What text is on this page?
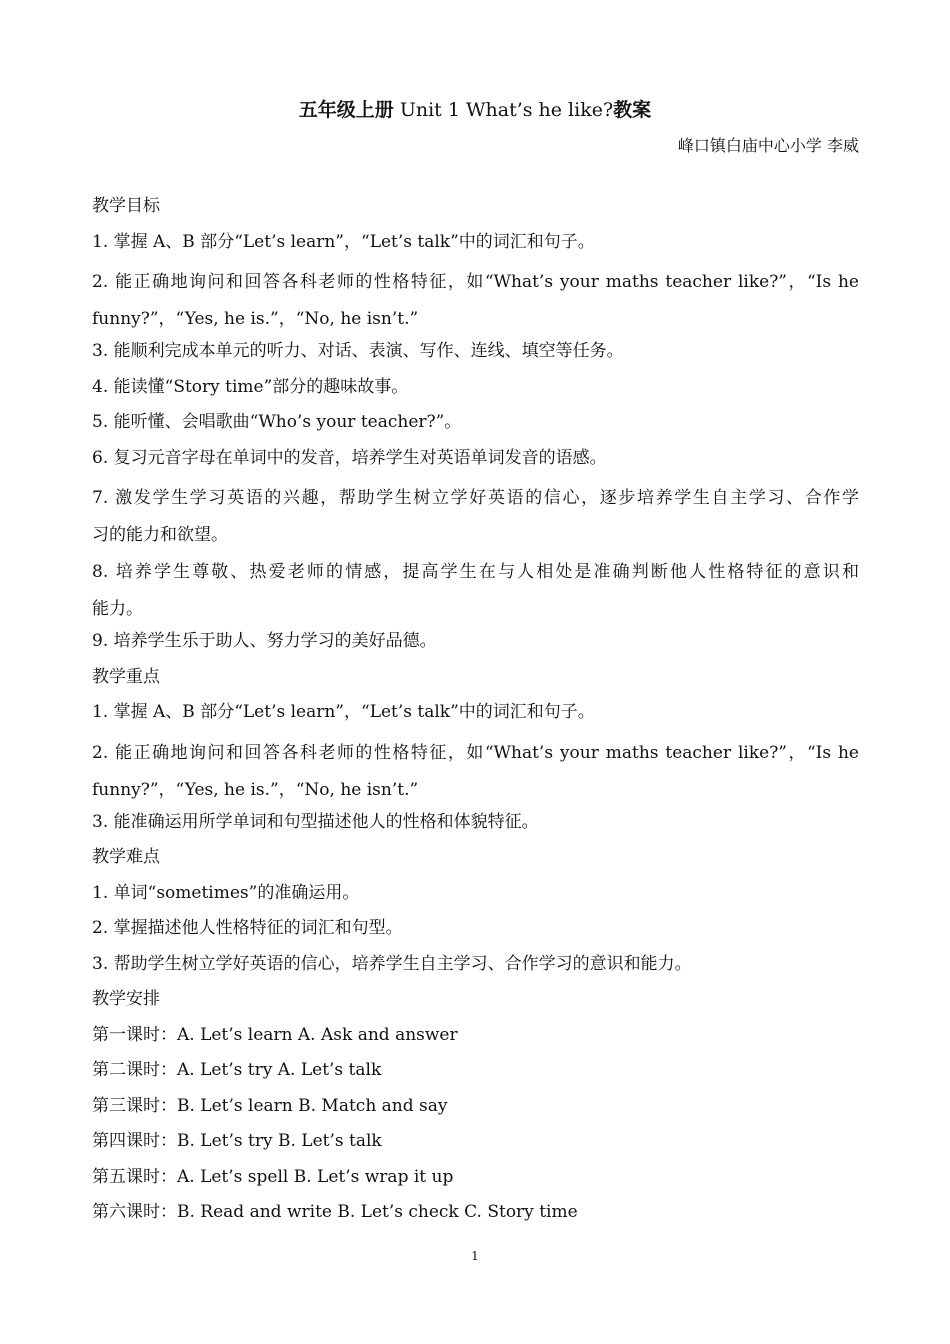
五年级上册 Unit 1 What’s he like?教案
峰口镇白庙中心小学 李威
教学目标
1. 掌握 A、B 部分“Let’s learn”，“Let’s talk”中的词汇和句子。
2. 能正确地询问和回答各科老师的性格特征，如“What’s your maths teacher like?”，“Is he
funny?”，“Yes, he is.”，“No, he isn’t.”
3. 能顺利完成本单元的听力、对话、表演、写作、连线、填空等任务。
4. 能读懂“Story time”部分的趣味故事。
5. 能听懂、会唱歌曲“Who’s your teacher?”。
6. 复习元音字母在单词中的发音，培养学生对英语单词发音的语感。
7. 激发学生学习英语的兴趣，帮助学生树立学好英语的信心，逐步培养学生自主学习、合作学
习的能力和欲望。
8. 培养学生尊敬、热爱老师的情感，提高学生在与人相处是准确判断他人性格特征的意识和
能力。
9. 培养学生乐于助人、努力学习的美好品德。
教学重点
1. 掌握 A、B 部分“Let’s learn”，“Let’s talk”中的词汇和句子。
2. 能正确地询问和回答各科老师的性格特征，如“What’s your maths teacher like?”，“Is he
funny?”，“Yes, he is.”，“No, he isn’t.”
3. 能准确运用所学单词和句型描述他人的性格和体貌特征。
教学难点
1. 单词“sometimes”的准确运用。
2. 掌握描述他人性格特征的词汇和句型。
3. 帮助学生树立学好英语的信心，培养学生自主学习、合作学习的意识和能力。
教学安排
第一课时：A. Let’s learn A. Ask and answer
第二课时：A. Let’s try A. Let’s talk
第三课时：B. Let’s learn B. Match and say
第四课时：B. Let’s try B. Let’s talk
第五课时：A. Let’s spell B. Let’s wrap it up
第六课时：B. Read and write B. Let’s check C. Story time
1
